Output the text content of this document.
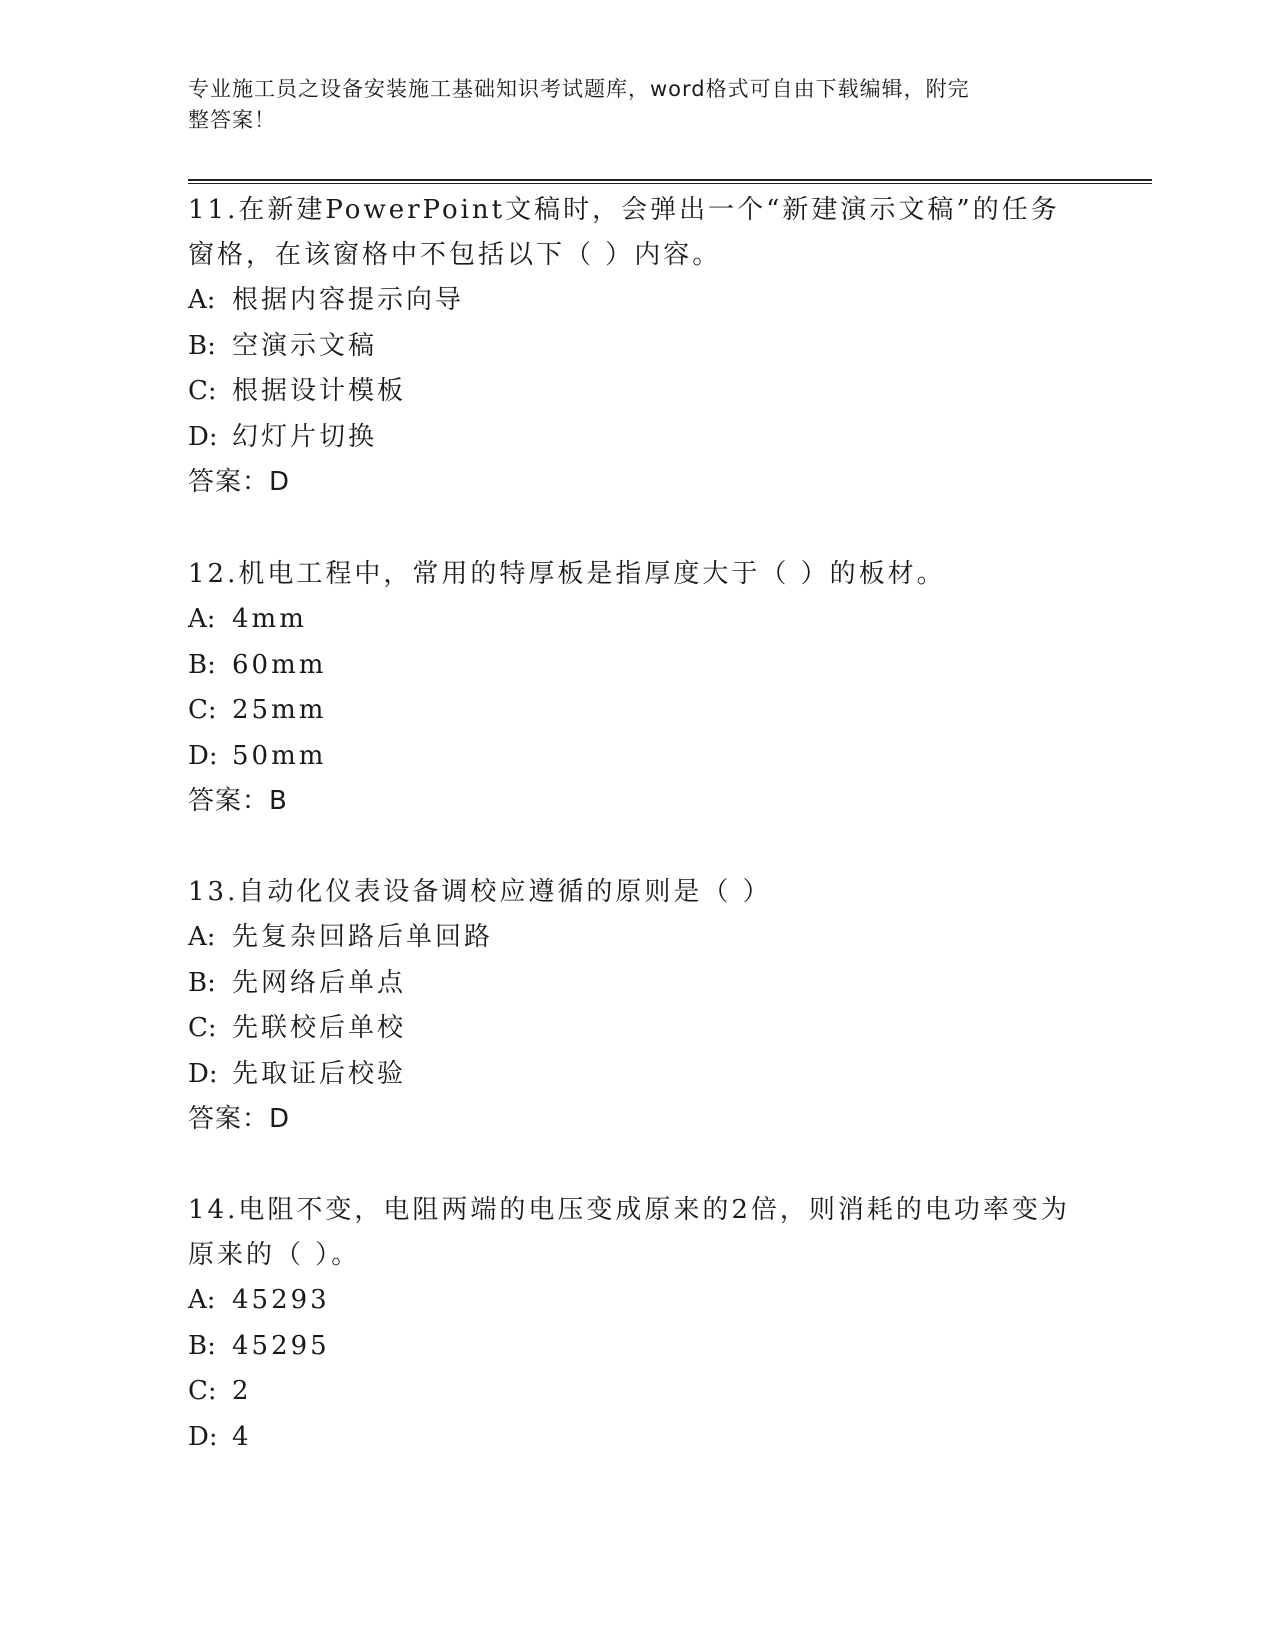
专业施工员之设备安装施工基础知识考试题库，word格式可自由下载编辑，附完
整答案！

11.在新建PowerPoint文稿时，会弹出一个“新建演示文稿”的任务
窗格，在该窗格中不包括以下（ ）内容。

A: 根据内容提示向导

B: 空演示文稿

C: 根据设计模板

D: 幻灯片切换

答案：D

12.机电工程中，常用的特厚板是指厚度大于（ ）的板材。

A: 4mm

B: 60mm

C: 25mm

D: 50mm

答案：B

13.自动化仪表设备调校应遵循的原则是（ ）

A: 先复杂回路后单回路

B: 先网络后单点

C: 先联校后单校

D: 先取证后校验

答案：D

14.电阻不变，电阻两端的电压变成原来的2倍，则消耗的电功率变为
原来的（ ）。

A: 45293

B: 45295

C: 2

D: 4
